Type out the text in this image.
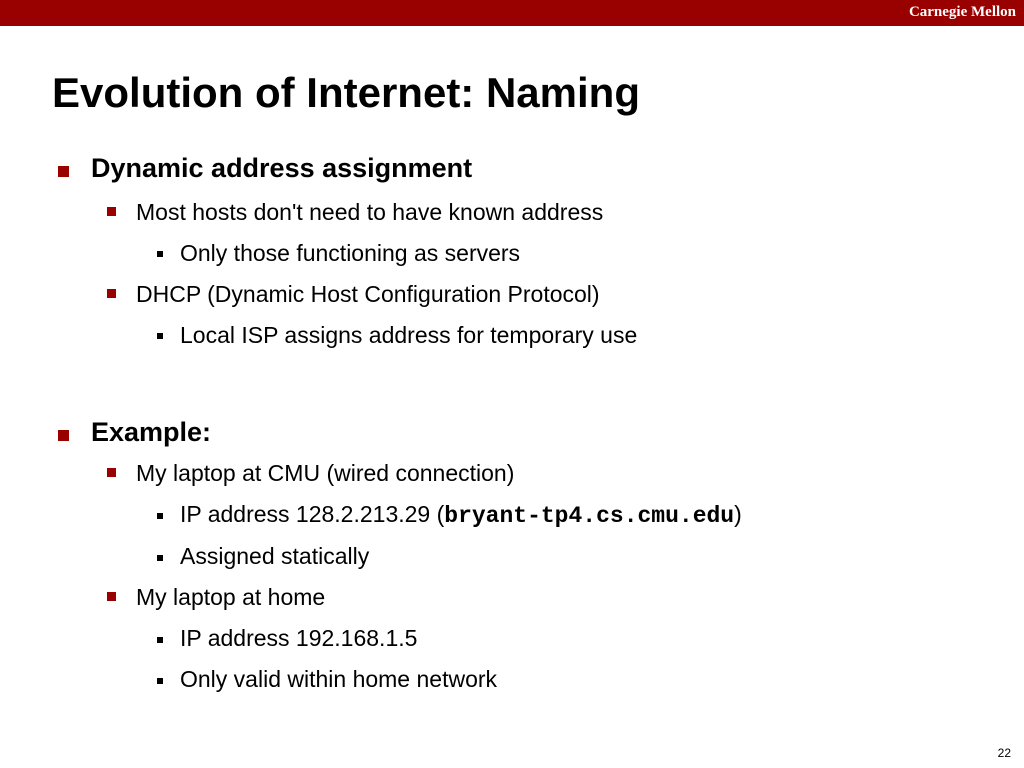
Carnegie Mellon
Evolution of Internet: Naming
Dynamic address assignment
Most hosts don't need to have known address
Only those functioning as servers
DHCP (Dynamic Host Configuration Protocol)
Local ISP assigns address for temporary use
Example:
My laptop at CMU (wired connection)
IP address 128.2.213.29 (bryant-tp4.cs.cmu.edu)
Assigned statically
My laptop at home
IP address 192.168.1.5
Only valid within home network
22
